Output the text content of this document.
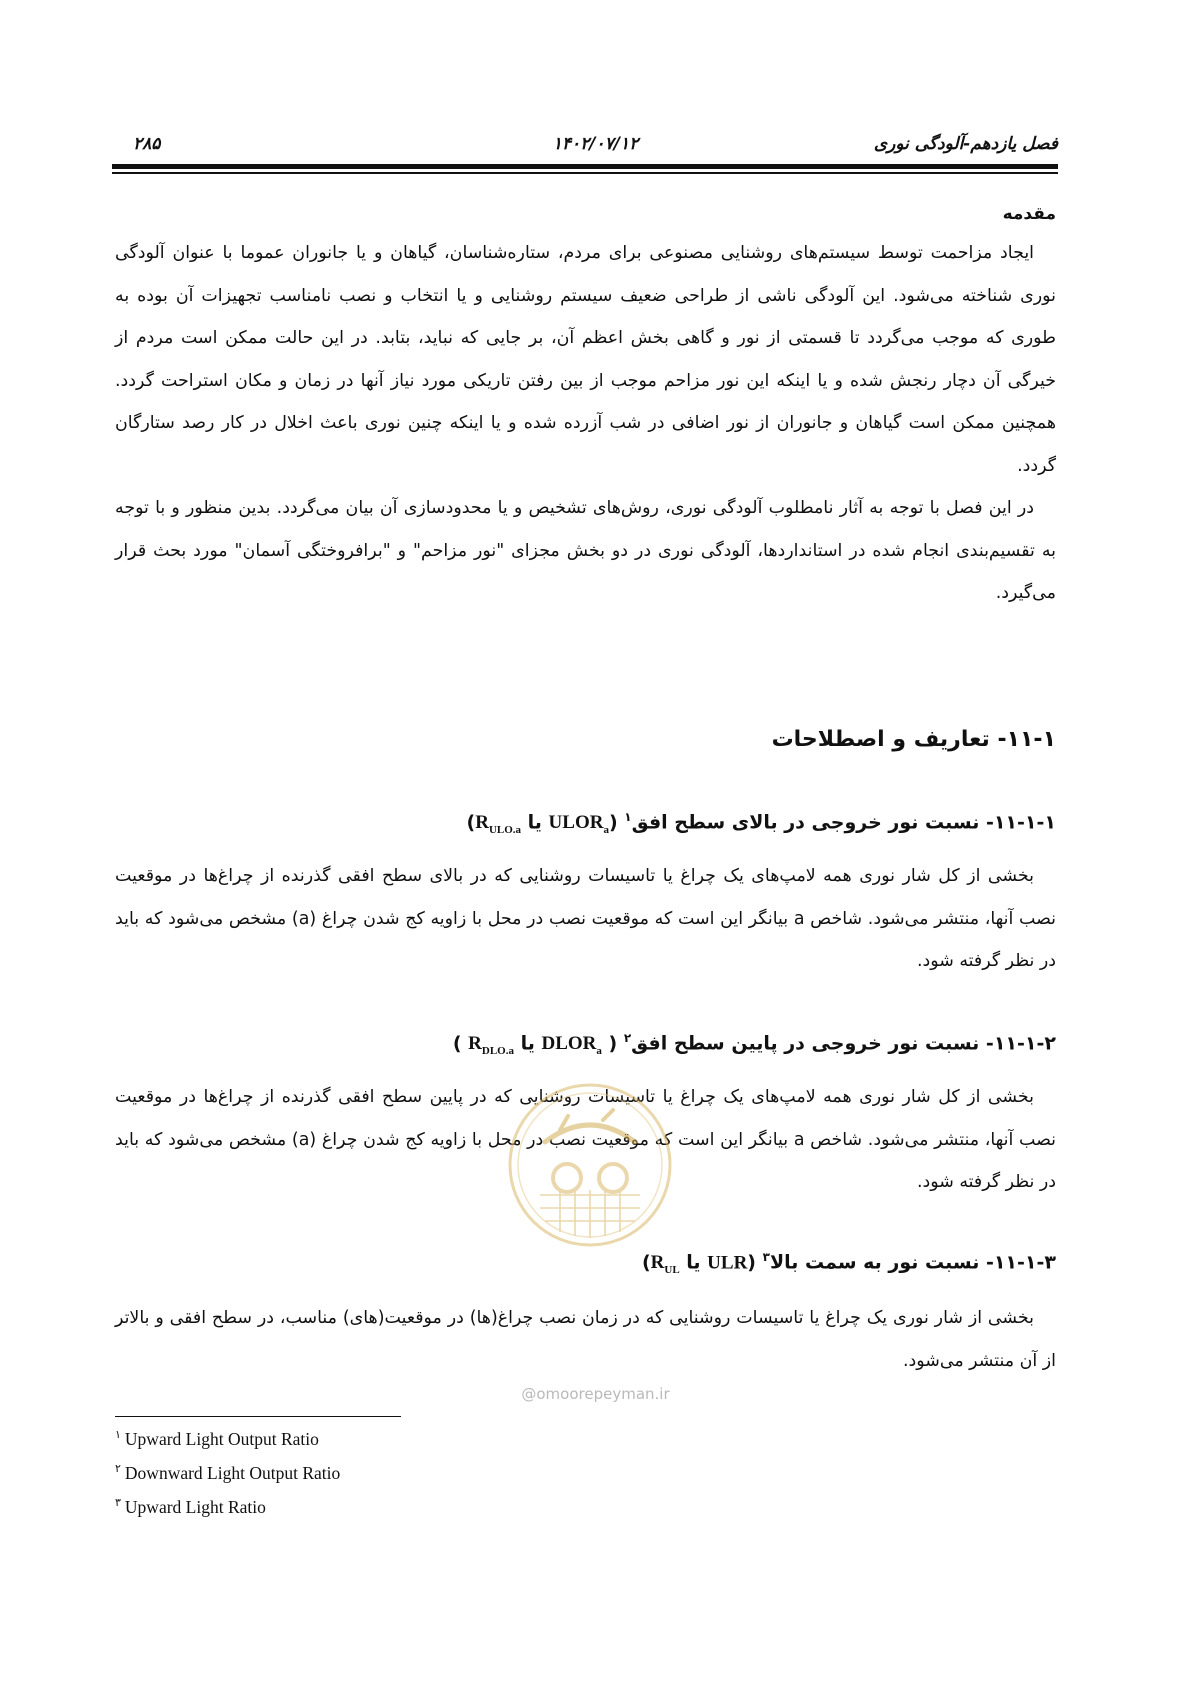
فصل یازدهم-آلودگی نوری
۱۴۰۲/۰۷/۱۲
۲۸۵
مقدمه

ایجاد مزاحمت توسط سیستم‌های روشنایی مصنوعی برای مردم، ستاره‌شناسان، گیاهان و یا جانوران عموما با عنوان آلودگی نوری شناخته می‌شود. این آلودگی ناشی از طراحی ضعیف سیستم روشنایی و یا انتخاب و نصب نامناسب تجهیزات آن بوده به طوری که موجب می‌گردد تا قسمتی از نور و گاهی بخش اعظم آن، بر جایی که نباید، بتابد. در این حالت ممکن است مردم از خیرگی آن دچار رنجش شده و یا اینکه این نور مزاحم موجب از بین رفتن تاریکی مورد نیاز آنها در زمان و مکان استراحت گردد. همچنین ممکن است گیاهان و جانوران از نور اضافی در شب آزرده شده و یا اینکه چنین نوری باعث اخلال در کار رصد ستارگان گردد.

در این فصل با توجه به آثار نامطلوب آلودگی نوری، روش‌های تشخیص و یا محدودسازی آن بیان می‌گردد. بدین منظور و با توجه به تقسیم‌بندی انجام شده در استانداردها، آلودگی نوری در دو بخش مجزای "نور مزاحم" و "برافروختگی آسمان" مورد بحث قرار می‌گیرد.

۱۱-۱- تعاریف و اصطلاحات
۱۱-۱-۱- نسبت نور خروجی در بالای سطح افق$^۱$ ($ULOR_a$ یا $R_{ULO.a}$)

بخشی از کل شار نوری همه لامپ‌های یک چراغ یا تاسیسات روشنایی که در بالای سطح افقی گذرنده از چراغ‌ها در موقعیت نصب آنها، منتشر می‌شود. شاخص a بیانگر این است که موقعیت نصب در محل با زاویه کج شدن چراغ (a) مشخص می‌شود که باید در نظر گرفته شود.

۱۱-۱-۲- نسبت نور خروجی در پایین سطح افق$^۲$ ( $DLOR_a$ یا $R_{DLO.a}$ )

بخشی از کل شار نوری همه لامپ‌های یک چراغ یا تاسیسات روشنایی که در پایین سطح افقی گذرنده از چراغ‌ها در موقعیت نصب آنها، منتشر می‌شود. شاخص a بیانگر این است که موقعیت نصب در محل با زاویه کج شدن چراغ (a) مشخص می‌شود که باید در نظر گرفته شود.

۱۱-۱-۳- نسبت نور به سمت بالا$^۳$ (ULR یا $R_{UL}$)

بخشی از شار نوری یک چراغ یا تاسیسات روشنایی که در زمان نصب چراغ(ها) در موقعیت(های) مناسب، در سطح افقی و بالاتر از آن منتشر می‌شود.

@omoorepeyman.ir
$^۱$ Upward Light Output Ratio
$^۲$ Downward Light Output Ratio
$^۳$ Upward Light Ratio
